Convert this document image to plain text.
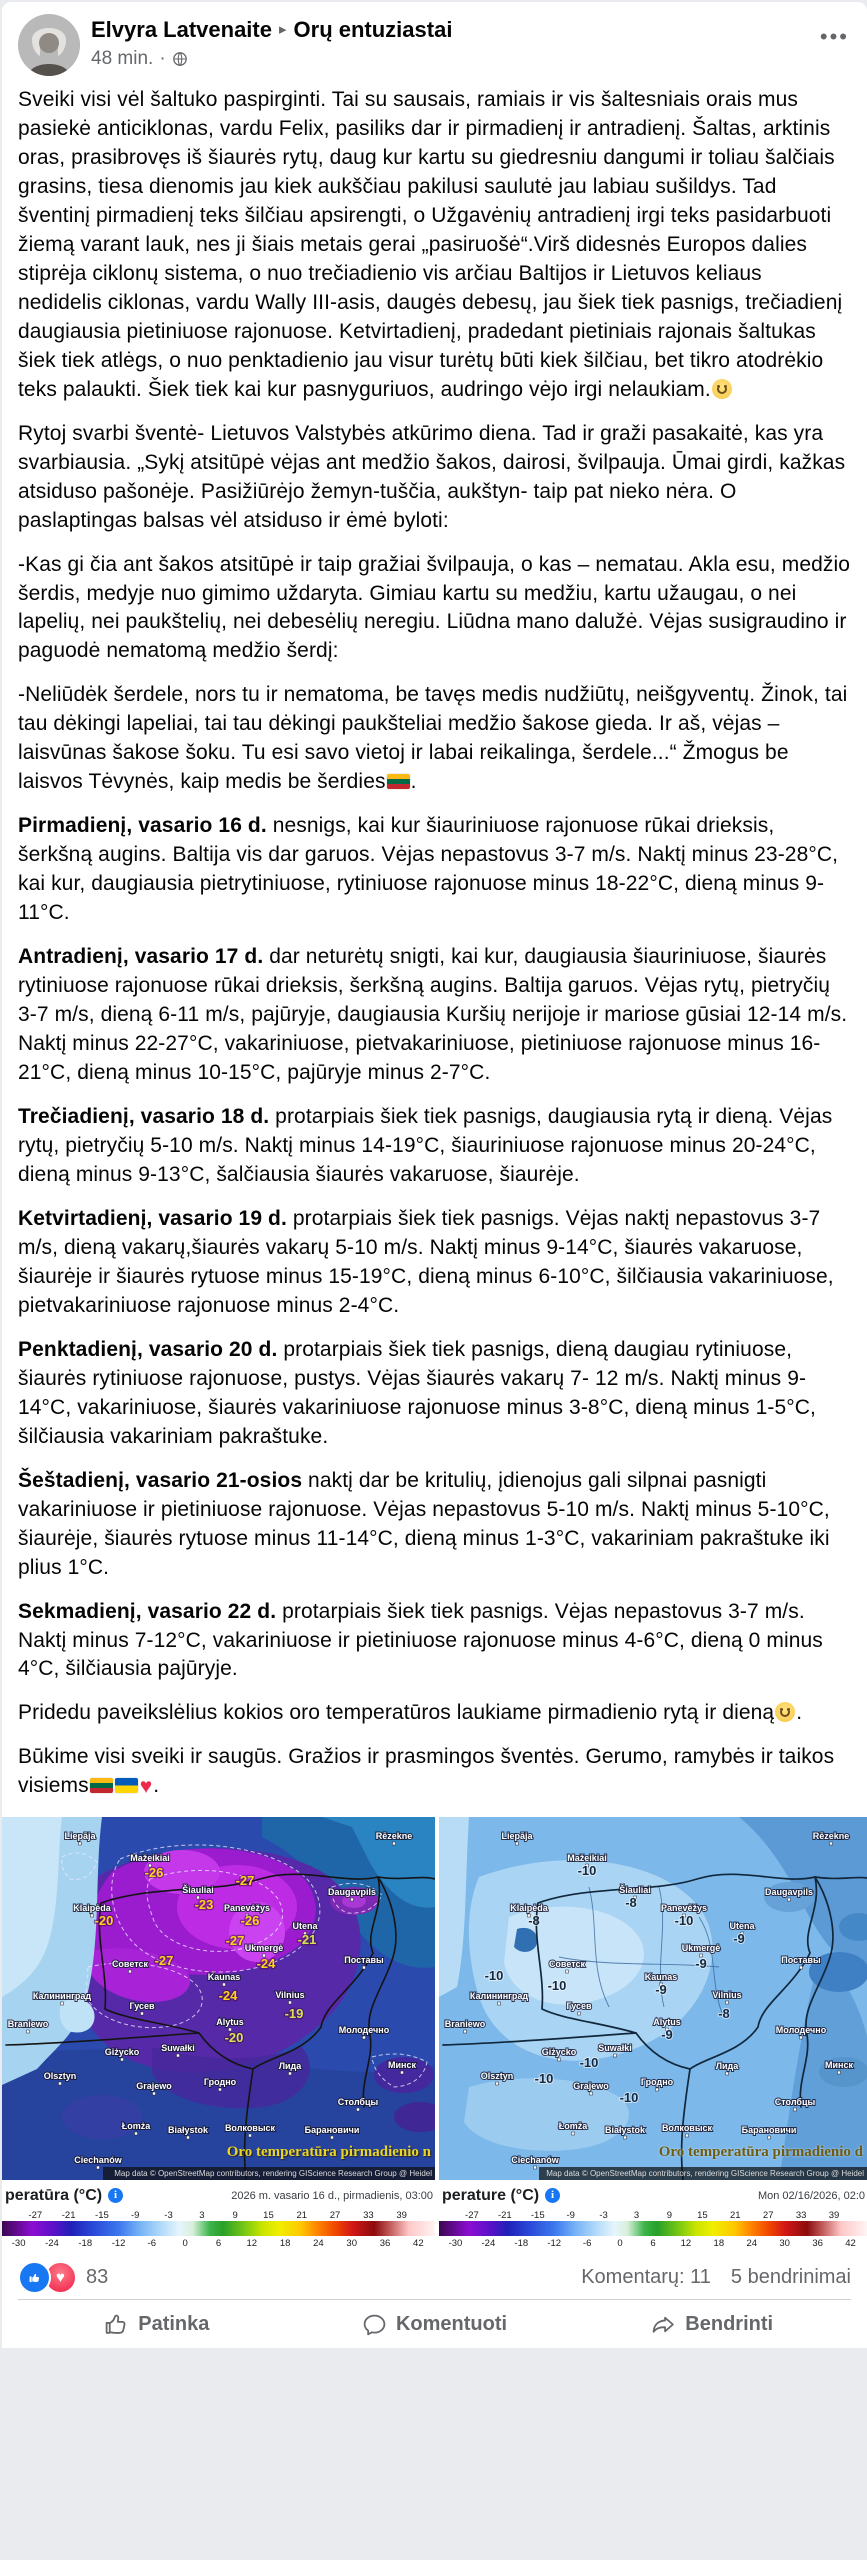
Elvyra Latvenaite ▸ Orų entuziastai
48 min. ·
•••

Sveiki visi vėl šaltuko paspirginti. Tai su sausais, ramiais ir vis šaltesniais orais mus pasiekė anticiklonas, vardu Felix, pasiliks dar ir pirmadienį ir antradienį. Šaltas, arktinis oras, prasibrovęs iš šiaurės rytų, daug kur kartu su giedresniu dangumi ir toliau šalčiais grasins, tiesa dienomis jau kiek aukščiau pakilusi saulutė jau labiau sušildys. Tad šventinį pirmadienį teks šilčiau apsirengti, o Užgavėnių antradienį irgi teks pasidarbuoti žiemą varant lauk, nes ji šiais metais gerai „pasiruošė“.Virš didesnės Europos dalies stiprėja ciklonų sistema, o nuo trečiadienio vis arčiau Baltijos ir Lietuvos keliaus nedidelis ciklonas, vardu Wally III-asis, daugės debesų, jau šiek tiek pasnigs, trečiadienį daugiausia pietiniuose rajonuose. Ketvirtadienį, pradedant pietiniais rajonais šaltukas šiek tiek atlėgs, o nuo penktadienio jau visur turėtų būti kiek šilčiau, bet tikro atodrėkio teks palaukti. Šiek tiek kai kur pasnyguriuos, audringo vėjo irgi nelaukiam.

Rytoj svarbi šventė- Lietuvos Valstybės atkūrimo diena. Tad ir graži pasakaitė, kas yra svarbiausia. „Sykį atsitūpė vėjas ant medžio šakos, dairosi, švilpauja. Ūmai girdi, kažkas atsiduso pašonėje. Pasižiūrėjo žemyn-tuščia, aukštyn- taip pat nieko nėra. O paslaptingas balsas vėl atsiduso ir ėmė byloti:

-Kas gi čia ant šakos atsitūpė ir taip gražiai švilpauja, o kas – nematau. Akla esu, medžio šerdis, medyje nuo gimimo uždaryta. Gimiau kartu su medžiu, kartu užaugau, o nei lapelių, nei paukštelių, nei debesėlių neregiu. Liūdna mano dalužė. Vėjas susigraudino ir paguodė nematomą medžio šerdį:

-Neliūdėk šerdele, nors tu ir nematoma, be tavęs medis nudžiūtų, neišgyventų. Žinok, tai tau dėkingi lapeliai, tai tau dėkingi paukšteliai medžio šakose gieda. Ir aš, vėjas – laisvūnas šakose šoku. Tu esi savo vietoj ir labai reikalinga, šerdele...“ Žmogus be laisvos Tėvynės, kaip medis be šerdies .

Pirmadienį, vasario 16 d. nesnigs, kai kur šiauriniuose rajonuose rūkai drieksis, šerkšną augins. Baltija vis dar garuos. Vėjas nepastovus 3-7 m/s. Naktį minus 23-28°C, kai kur, daugiausia pietrytiniuose, rytiniuose rajonuose minus 18-22°C, dieną minus 9-11°C.

Antradienį, vasario 17 d. dar neturėtų snigti, kai kur, daugiausia šiauriniuose, šiaurės rytiniuose rajonuose rūkai drieksis, šerkšną augins. Baltija garuos. Vėjas rytų, pietryčių 3-7 m/s, dieną 6-11 m/s, pajūryje, daugiausia Kuršių nerijoje ir mariose gūsiai 12-14 m/s. Naktį minus 22-27°C, vakariniuose, pietvakariniuose, pietiniuose rajonuose minus 16-21°C, dieną minus 10-15°C, pajūryje minus 2-7°C.

Trečiadienį, vasario 18 d. protarpiais šiek tiek pasnigs, daugiausia rytą ir dieną. Vėjas rytų, pietryčių 5-10 m/s. Naktį minus 14-19°C, šiauriniuose rajonuose minus 20-24°C, dieną minus 9-13°C, šalčiausia šiaurės vakaruose, šiaurėje.

Ketvirtadienį, vasario 19 d. protarpiais šiek tiek pasnigs. Vėjas naktį nepastovus 3-7 m/s, dieną vakarų,šiaurės vakarų 5-10 m/s. Naktį minus 9-14°C, šiaurės vakaruose, šiaurėje ir šiaurės rytuose minus 15-19°C, dieną minus 6-10°C, šilčiausia vakariniuose, pietvakariniuose rajonuose minus 2-4°C.

Penktadienį, vasario 20 d. protarpiais šiek tiek pasnigs, dieną daugiau rytiniuose, šiaurės rytiniuose rajonuose, pustys. Vėjas šiaurės vakarų 7- 12 m/s. Naktį minus 9-14°C, vakariniuose, šiaurės vakariniuose rajonuose minus 3-8°C, dieną minus 1-5°C, šilčiausia vakariniam pakraštuke.

Šeštadienį, vasario 21-osios naktį dar be kritulių, įdienojus gali silpnai pasnigti vakariniuose ir pietiniuose rajonuose. Vėjas nepastovus 5-10 m/s. Naktį minus 5-10°C, šiaurėje, šiaurės rytuose minus 11-14°C, dieną minus 1-3°C, vakariniam pakraštuke iki plius 1°C.

Sekmadienį, vasario 22 d. protarpiais šiek tiek pasnigs. Vėjas nepastovus 3-7 m/s. Naktį minus 7-12°C, vakariniuose ir pietiniuose rajonuose minus 4-6°C, dieną 0 minus 4°C, šilčiausia pajūryje.

Pridedu paveikslėlius kokios oro temperatūros laukiame pirmadienio rytą ir dieną .

Būkime visi sveiki ir saugūs. Gražios ir prasmingos šventės. Gerumo, ramybės ir taikos visiems ♥.

Liepāja	Rēzekne
Mažeikiai
Šiauliai
Panevėžys
Daugavpils
Klaipėda
Utena
Ukmergė
Поставы
Советск
Kaunas
Калининград	Vilnius
Гусев
Alytus
Молодечно
Braniewo
Suwałki
Giżycko
Минск
Olsztyn
Grajewo	Гродно
Лида
Столбцы
Łomża Białystok Волковыск	Барановичи
Ciechanów
-26
-27
-23
-26
-20
-21
-27
-24
-27
-24
-19
-20
Oro temperatūra pirmadienio n
Map data © OpenStreetMap contributors, rendering GIScience Research Group @ Heidel
peratūra (°C)	i	2026 m. vasario 16 d., pirmadienis, 03:00
-27 -21 -15 -9	-3	3	9	15 21 27 33 39
-30 -24 -18 -12 -6	0	6	12 18 24 30 36 42
Liepāja	Rēzekne
Mažeikiai
Šiauliai
Panevėžys
Daugavpils
Klaipėda
Utena
Ukmergė
Поставы
Советск
Kaunas
Калининград	Vilnius
Гусев
Alytus
Молодечно
Braniewo
Suwałki
Giżycko
Минск
Olsztyn
Grajewo	Гродно
Лида
Столбцы
Łomża Białystok Волковыск	Барановичи
Ciechanów
-10
-8
-10
-8
-9
-9
-9
-8
-9
-10
-10
-10
-10
-10
Oro temperatūra pirmadienio d
Map data © OpenStreetMap contributors, rendering GIScience Research Group @ Heidel
perature (°C)	i	Mon 02/16/2026, 02:0
-27 -21 -15 -9	-3	3	9	15 21 27 33 39
-30 -24 -18 -12 -6	0	6	12 18 24 30 36 42
♥	83	Komentarų: 11 5 bendrinimai
Patinka	Komentuoti	Bendrinti
